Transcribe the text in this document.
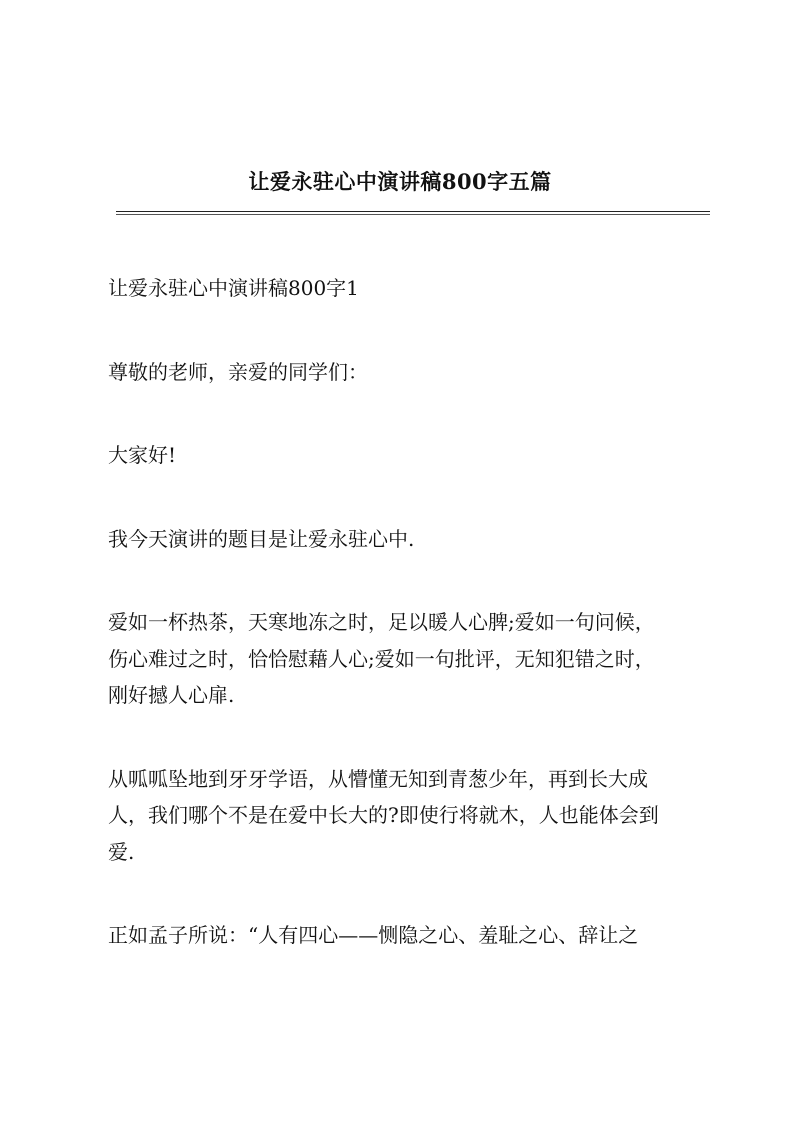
让爱永驻心中演讲稿800字五篇

让爱永驻心中演讲稿800字1

尊敬的老师，亲爱的同学们：

大家好!

我今天演讲的题目是让爱永驻心中.

爱如一杯热茶，天寒地冻之时，足以暖人心脾;爱如一句问候，
伤心难过之时，恰恰慰藉人心;爱如一句批评，无知犯错之时，
刚好撼人心扉.

从呱呱坠地到牙牙学语，从懵懂无知到青葱少年，再到长大成
人，我们哪个不是在爱中长大的?即使行将就木，人也能体会到
爱.

正如孟子所说：“人有四心——恻隐之心、羞耻之心、辞让之
